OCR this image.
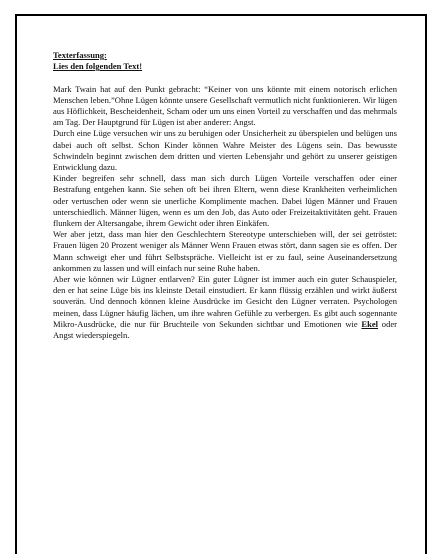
Texterfassung:

Lies den folgenden Text!

Mark Twain hat auf den Punkt gebracht: “Keiner von uns könnte mit einem notorisch erlichen Menschen leben.”Ohne Lügen könnte unsere Gesellschaft vermutlich nicht funktionieren. Wir lügen aus Höflichkeit, Bescheidenheit, Scham oder um uns einen Vorteil zu verschaffen und das mehrmals am Tag. Der Hauptgrund für Lügen ist aber anderer: Angst.

Durch eine Lüge versuchen wir uns zu beruhigen oder Unsicherheit zu überspielen und belügen uns dabei auch oft selbst. Schon Kinder können Wahre Meister des Lügens sein. Das bewusste Schwindeln beginnt zwischen dem dritten und vierten Lebensjahr und gehört zu unserer geistigen Entwicklung dazu.

Kinder begreifen sehr schnell, dass man sich durch Lügen Vorteile verschaffen oder einer Bestrafung entgehen kann. Sie sehen oft bei ihren Eltern, wenn diese Krankheiten verheimlichen oder vertuschen oder wenn sie unerliche Komplimente machen. Dabei lügen Männer und Frauen unterschiedlich. Männer lügen, wenn es um den Job, das Auto oder Freizeitaktivitäten geht. Frauen flunkern der Altersangabe, ihrem Gewicht oder ihren Einkäfen.

Wer aber jetzt, dass man hier den Geschlechtern Stereotype unterschieben will, der sei getröstet: Frauen lügen 20 Prozent weniger als Männer Wenn Frauen etwas stört, dann sagen sie es offen. Der Mann schweigt eher und führt Selbstspräche. Vielleicht ist er zu faul, seine Auseinandersetzung ankommen zu lassen und will einfach nur seine Ruhe haben.

Aber wie können wir Lügner entlarven? Ein guter Lügner ist immer auch ein guter Schauspieler, den er hat seine Lüge bis ins kleinste Detail einstudiert. Er kann flüssig erzählen und wirkt äußerst souverän. Und dennoch können kleine Ausdrücke im Gesicht den Lügner verraten. Psychologen meinen, dass Lügner häufig lächen, um ihre wahren Gefühle zu verbergen. Es gibt auch sogennante Mikro-Ausdrücke, die nur für Bruchteile von Sekunden sichtbar und Emotionen wie Ekel oder Angst wiederspiegeln.
